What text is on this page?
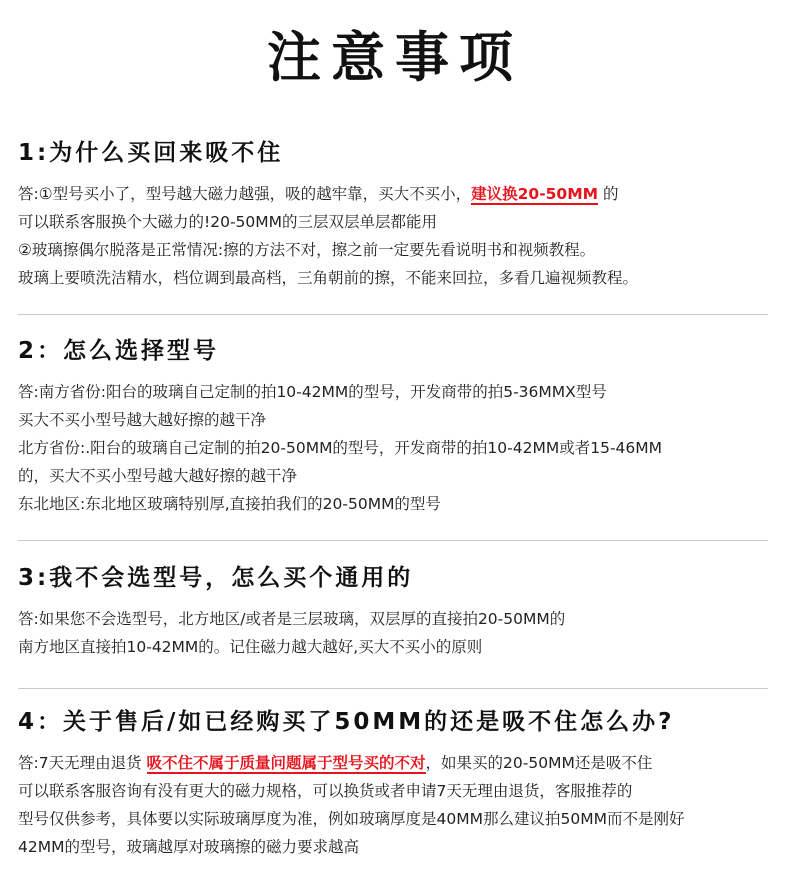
注意事项
1:为什么买回来吸不住
答:①型号买小了，型号越大磁力越强，吸的越牢靠，买大不买小，建议换20-50MM 的
可以联系客服换个大磁力的!20-50MM的三层双层单层都能用
②玻璃擦偶尔脱落是正常情况:擦的方法不对，擦之前一定要先看说明书和视频教程。
玻璃上要喷洗洁精水，档位调到最高档，三角朝前的擦，不能来回拉，多看几遍视频教程。
2：怎么选择型号
答:南方省份:阳台的玻璃自己定制的拍10-42MM的型号，开发商带的拍5-36MMX型号
买大不买小型号越大越好擦的越干净
北方省份:.阳台的玻璃自己定制的拍20-50MM的型号，开发商带的拍10-42MM或者15-46MM
的，买大不买小型号越大越好擦的越干净
东北地区:东北地区玻璃特别厚,直接拍我们的20-50MM的型号
3:我不会选型号，怎么买个通用的
答:如果您不会选型号，北方地区/或者是三层玻璃，双层厚的直接拍20-50MM的
南方地区直接拍10-42MM的。记住磁力越大越好,买大不买小的原则
4：关于售后/如已经购买了50MM的还是吸不住怎么办?
答:7天无理由退货 吸不住不属于质量问题属于型号买的不对，如果买的20-50MM还是吸不住
可以联系客服咨询有没有更大的磁力规格，可以换货或者申请7天无理由退货，客服推荐的
型号仅供参考，具体要以实际玻璃厚度为准，例如玻璃厚度是40MM那么建议拍50MM而不是刚好
42MM的型号，玻璃越厚对玻璃擦的磁力要求越高
